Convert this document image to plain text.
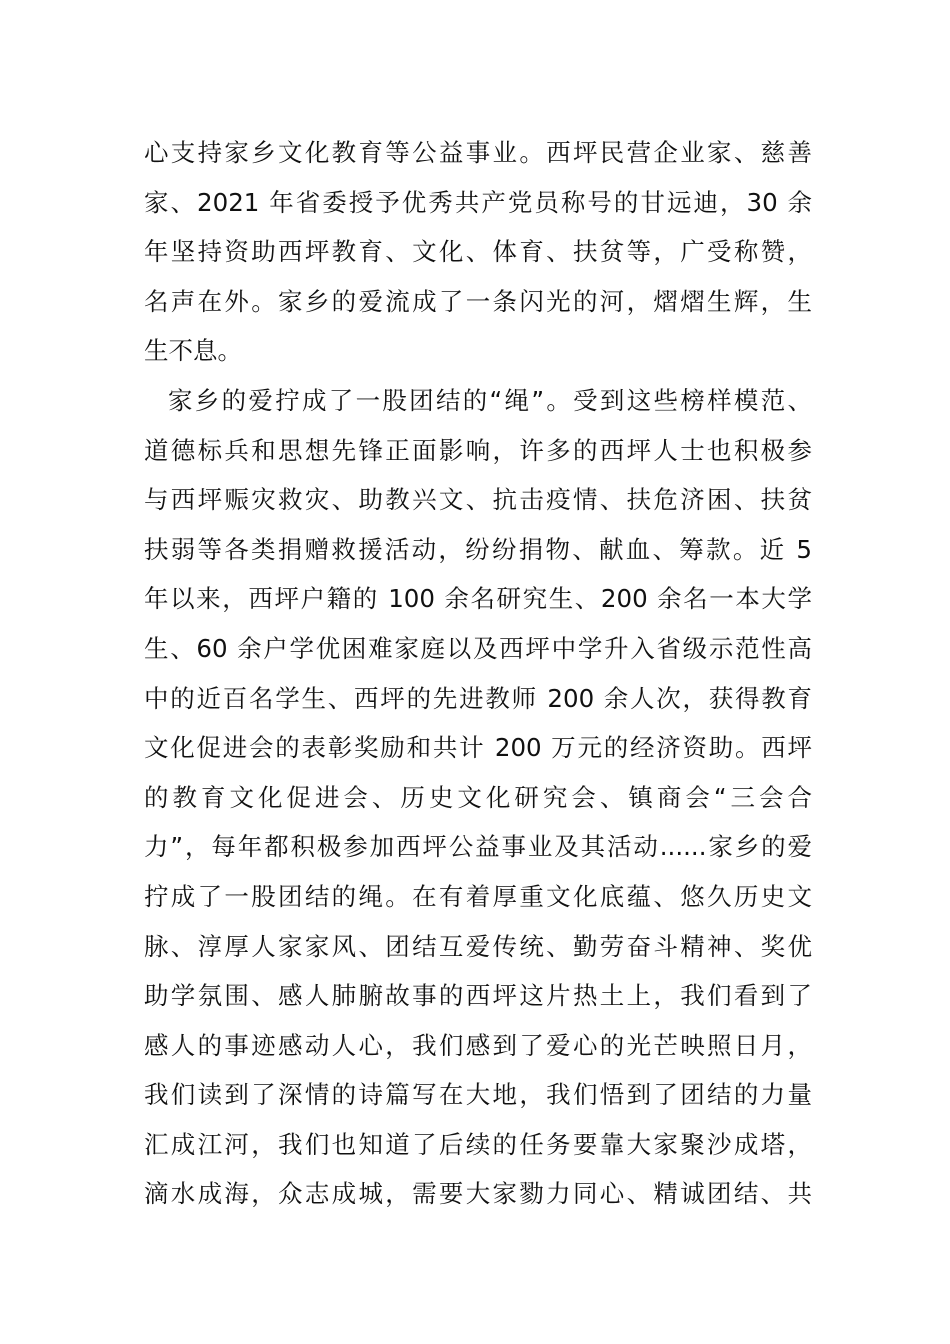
心支持家乡文化教育等公益事业。西坪民营企业家、慈善
家、2021 年省委授予优秀共产党员称号的甘远迪，30 余
年坚持资助西坪教育、文化、体育、扶贫等，广受称赞，
名声在外。家乡的爱流成了一条闪光的河，熠熠生辉，生
生不息。
家乡的爱拧成了一股团结的“绳”。受到这些榜样模范、
道德标兵和思想先锋正面影响，许多的西坪人士也积极参
与西坪赈灾救灾、助教兴文、抗击疫情、扶危济困、扶贫
扶弱等各类捐赠救援活动，纷纷捐物、献血、筹款。近 5
年以来，西坪户籍的 100 余名研究生、200 余名一本大学
生、60 余户学优困难家庭以及西坪中学升入省级示范性高
中的近百名学生、西坪的先进教师 200 余人次，获得教育
文化促进会的表彰奖励和共计 200 万元的经济资助。西坪
的教育文化促进会、历史文化研究会、镇商会“三会合
力”，每年都积极参加西坪公益事业及其活动......家乡的爱
拧成了一股团结的绳。在有着厚重文化底蕴、悠久历史文
脉、淳厚人家家风、团结互爱传统、勤劳奋斗精神、奖优
助学氛围、感人肺腑故事的西坪这片热土上，我们看到了
感人的事迹感动人心，我们感到了爱心的光芒映照日月，
我们读到了深情的诗篇写在大地，我们悟到了团结的力量
汇成江河，我们也知道了后续的任务要靠大家聚沙成塔，
滴水成海，众志成城，需要大家勠力同心、精诚团结、共
